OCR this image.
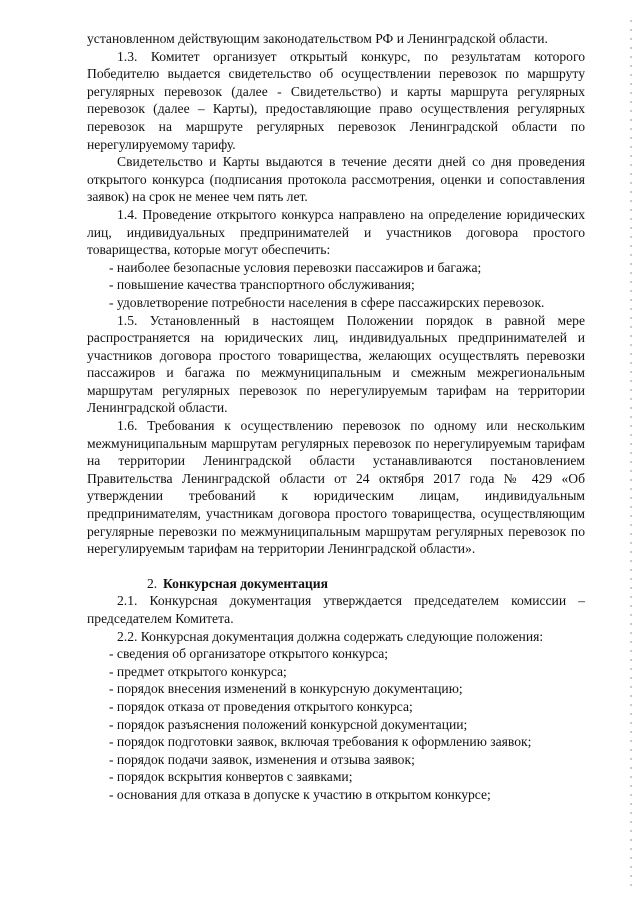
установленном действующим законодательством РФ и Ленинградской области.

1.3. Комитет организует открытый конкурс, по результатам которого Победителю выдается свидетельство об осуществлении перевозок по маршруту регулярных перевозок (далее - Свидетельство) и карты маршрута регулярных перевозок (далее – Карты), предоставляющие право осуществления регулярных перевозок на маршруте регулярных перевозок Ленинградской области по нерегулируемому тарифу.

Свидетельство и Карты выдаются в течение десяти дней со дня проведения открытого конкурса (подписания протокола рассмотрения, оценки и сопоставления заявок) на срок не менее чем пять лет.

1.4. Проведение открытого конкурса направлено на определение юридических лиц, индивидуальных предпринимателей и участников договора простого товарищества, которые могут обеспечить:

- наиболее безопасные условия перевозки пассажиров и багажа;

- повышение качества транспортного обслуживания;

- удовлетворение потребности населения в сфере пассажирских перевозок.

1.5. Установленный в настоящем Положении порядок в равной мере распространяется на юридических лиц, индивидуальных предпринимателей и участников договора простого товарищества, желающих осуществлять перевозки пассажиров и багажа по межмуниципальным и смежным межрегиональным маршрутам регулярных перевозок по нерегулируемым тарифам на территории Ленинградской области.

1.6. Требования к осуществлению перевозок по одному или нескольким межмуниципальным маршрутам регулярных перевозок по нерегулируемым тарифам на территории Ленинградской области устанавливаются постановлением Правительства Ленинградской области от 24 октября 2017 года № 429 «Об утверждении требований к юридическим лицам, индивидуальным предпринимателям, участникам договора простого товарищества, осуществляющим регулярные перевозки по межмуниципальным маршрутам регулярных перевозок по нерегулируемым тарифам на территории Ленинградской области».

2. Конкурсная документация

2.1. Конкурсная документация утверждается председателем комиссии – председателем Комитета.

2.2. Конкурсная документация должна содержать следующие положения:

- сведения об организаторе открытого конкурса;

- предмет открытого конкурса;

- порядок внесения изменений в конкурсную документацию;

- порядок отказа от проведения открытого конкурса;

- порядок разъяснения положений конкурсной документации;

- порядок подготовки заявок, включая требования к оформлению заявок;

- порядок подачи заявок, изменения и отзыва заявок;

- порядок вскрытия конвертов с заявками;

- основания для отказа в допуске к участию в открытом конкурсе;
